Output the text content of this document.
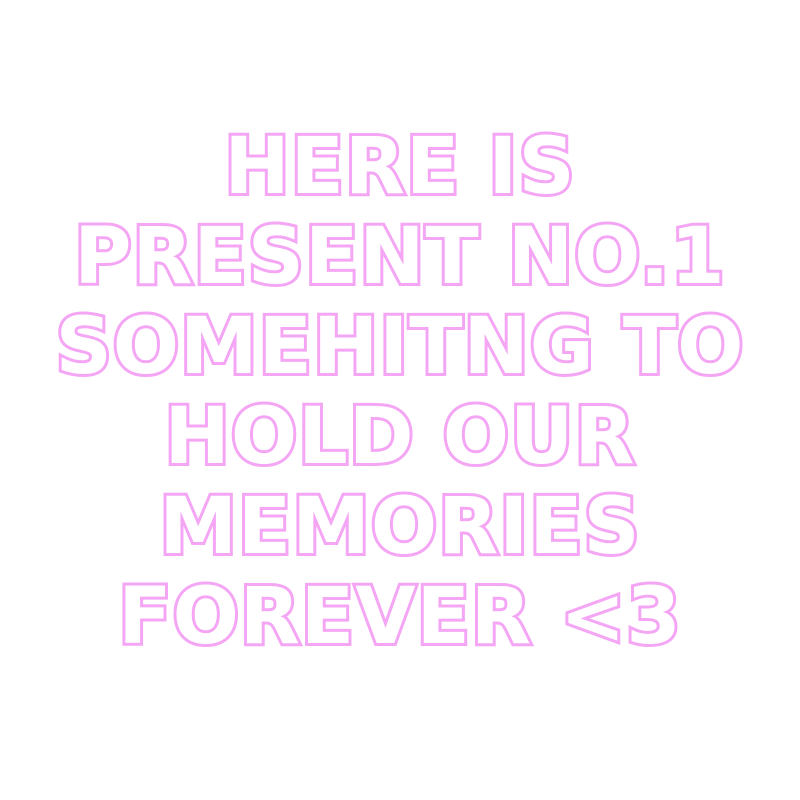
HERE IS
PRESENT NO.1
SOMEHITNG TO
HOLD OUR
MEMORIES
FOREVER <3
